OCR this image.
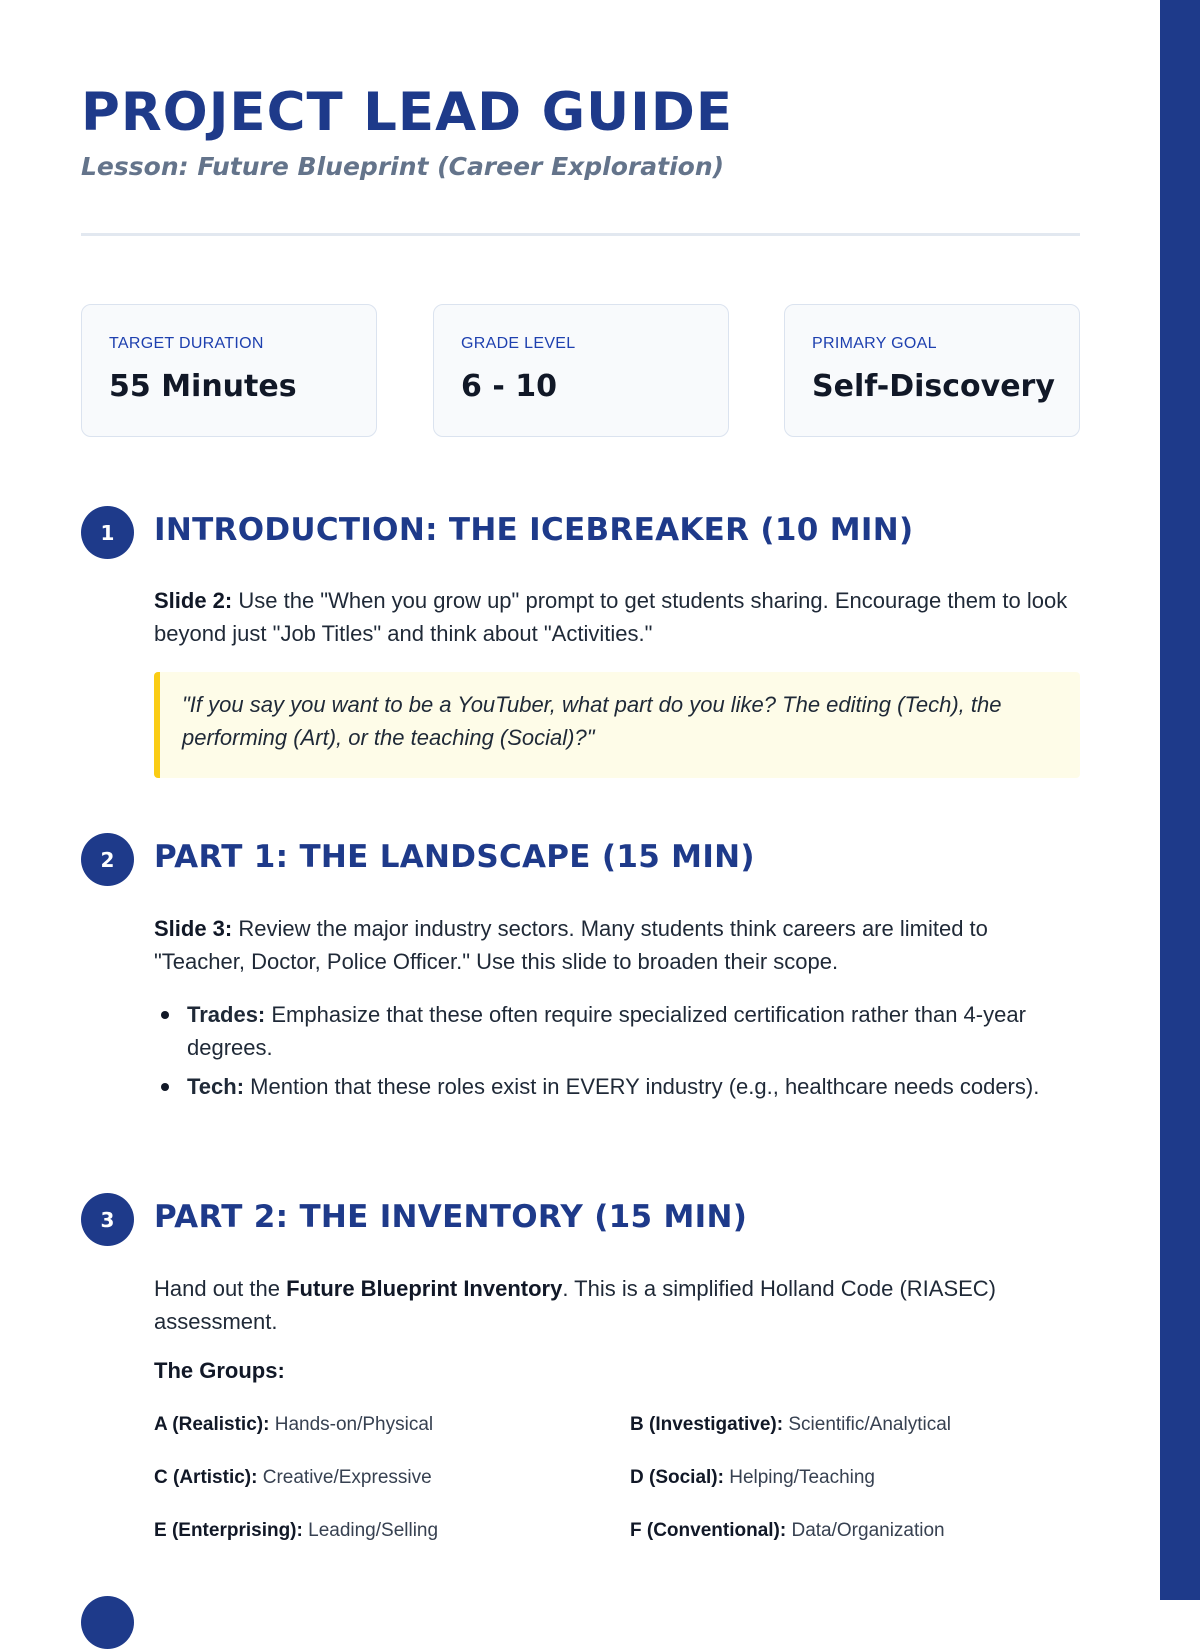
PROJECT LEAD GUIDE
Lesson: Future Blueprint (Career Exploration)
TARGET DURATION
55 Minutes
GRADE LEVEL
6 - 10
PRIMARY GOAL
Self-Discovery
1	INTRODUCTION: THE ICEBREAKER (10 MIN)

Slide 2: Use the "When you grow up" prompt to get students sharing. Encourage them to look beyond just "Job Titles" and think about "Activities."

"If you say you want to be a YouTuber, what part do you like? The editing (Tech), the performing (Art), or the teaching (Social)?"
2	PART 1: THE LANDSCAPE (15 MIN)

Slide 3: Review the major industry sectors. Many students think careers are limited to "Teacher, Doctor, Police Officer." Use this slide to broaden their scope.

Trades: Emphasize that these often require specialized certification rather than 4-year degrees.
Tech: Mention that these roles exist in EVERY industry (e.g., healthcare needs coders).
3	PART 2: THE INVENTORY (15 MIN)

Hand out the Future Blueprint Inventory. This is a simplified Holland Code (RIASEC) assessment.

The Groups:
A (Realistic): Hands-on/Physical	B (Investigative): Scientific/Analytical
C (Artistic): Creative/Expressive	D (Social): Helping/Teaching
E (Enterprising): Leading/Selling	F (Conventional): Data/Organization
